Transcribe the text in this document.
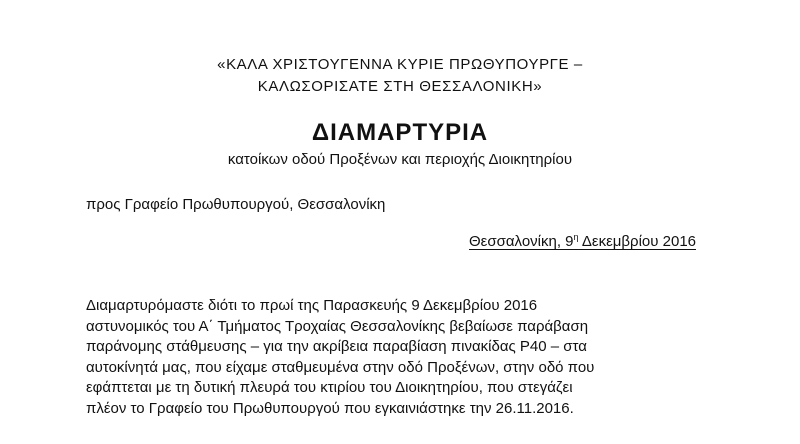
«ΚΑΛΑ ΧΡΙΣΤΟΥΓΕΝΝΑ ΚΥΡΙΕ ΠΡΩΘΥΠΟΥΡΓΕ –
ΚΑΛΩΣΟΡΙΣΑΤΕ ΣΤΗ ΘΕΣΣΑΛΟΝΙΚΗ»
ΔΙΑΜΑΡΤΥΡΙΑ
κατοίκων οδού Προξένων και περιοχής Διοικητηρίου
προς Γραφείο Πρωθυπουργού, Θεσσαλονίκη
Θεσσαλονίκη, $9^\eta$ Δεκεμβρίου 2016
Διαμαρτυρόμαστε διότι το πρωί της Παρασκευής 9 Δεκεμβρίου 2016
αστυνομικός του Α΄ Τμήματος Τροχαίας Θεσσαλονίκης βεβαίωσε παράβαση
παράνομης στάθμευσης – για την ακρίβεια παραβίαση πινακίδας Ρ40 – στα
αυτοκίνητά μας, που είχαμε σταθμευμένα στην οδό Προξένων, στην οδό που
εφάπτεται με τη δυτική πλευρά του κτιρίου του Διοικητηρίου, που στεγάζει
πλέον το Γραφείο του Πρωθυπουργού που εγκαινιάστηκε την 26.11.2016.
